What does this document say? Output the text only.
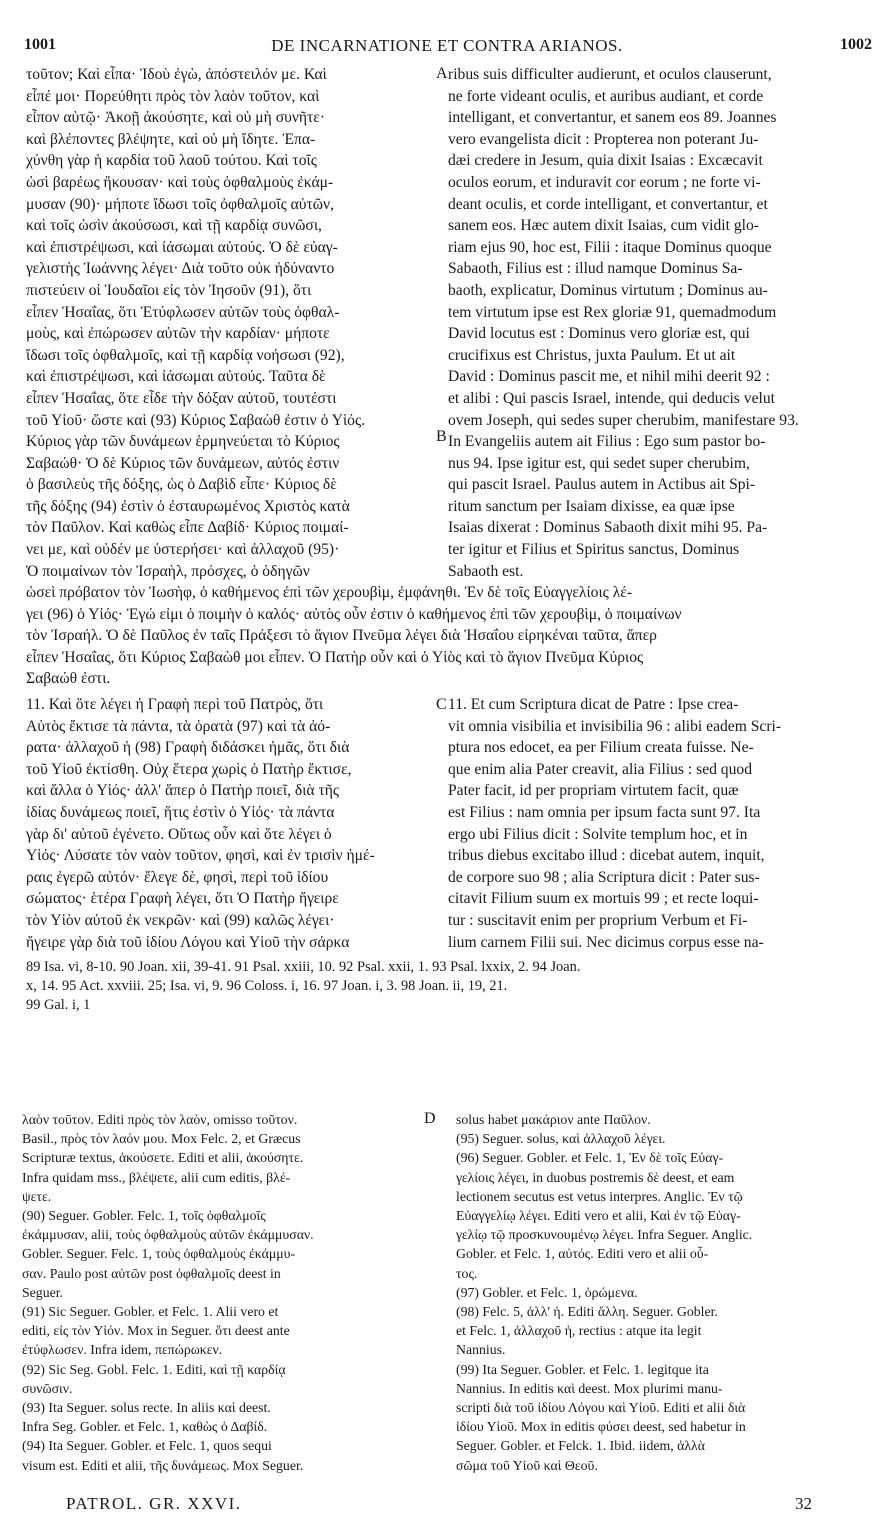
1001	DE INCARNATIONE ET CONTRA ARIANOS.	1002
τοῦτον; Καὶ εἶπα· Ἰδοὺ ἐγὼ, ἀπόστειλόν με. Καὶ
εἶπέ μοι· Πορεύθητι πρὸς τὸν λαὸν τοῦτον, καὶ
εἶπον αὐτῷ· Ἀκοῇ ἀκούσητε, καὶ οὐ μὴ συνῆτε·
καὶ βλέποντες βλέψητε, καὶ οὐ μὴ ἴδητε. Ἐπα-
χύνθη γὰρ ἡ καρδία τοῦ λαοῦ τούτου. Καὶ τοῖς
ὠσὶ βαρέως ἤκουσαν· καὶ τοὺς ὀφθαλμοὺς ἐκάμ-
μυσαν (90)· μήποτε ἴδωσι τοῖς ὀφθαλμοῖς αὐτῶν,
καὶ τοῖς ὠσὶν ἀκούσωσι, καὶ τῇ καρδίᾳ συνῶσι,
καὶ ἐπιστρέψωσι, καὶ ἰάσωμαι αὐτούς. Ὁ δὲ εὐαγ-
γελιστὴς Ἰωάννης λέγει· Διὰ τοῦτο οὐκ ἠδύναντο
πιστεύειν οἱ Ἰουδαῖοι εἰς τὸν Ἰησοῦν (91), ὅτι
εἶπεν Ἡσαΐας, ὅτι Ἐτύφλωσεν αὐτῶν τοὺς ὀφθαλ-
μοὺς, καὶ ἐπώρωσεν αὐτῶν τὴν καρδίαν· μήποτε
ἴδωσι τοῖς ὀφθαλμοῖς, καὶ τῇ καρδίᾳ νοήσωσι (92),
καὶ ἐπιστρέψωσι, καὶ ἰάσωμαι αὐτούς. Ταῦτα δὲ
εἶπεν Ἡσαΐας, ὅτε εἶδε τὴν δόξαν αὐτοῦ, τουτέστι
τοῦ Υἱοῦ· ὥστε καὶ (93) Κύριος Σαβαὼθ ἐστιν ὁ Υἱός.
Κύριος γὰρ τῶν δυνάμεων ἑρμηνεύεται τὸ Κύριος
Σαβαώθ· Ὁ δὲ Κύριος τῶν δυνάμεων, αὐτός ἐστιν
ὁ βασιλεὺς τῆς δόξης, ὡς ὁ Δαβὶδ εἶπε· Κύριος δὲ
τῆς δόξης (94) ἐστὶν ὁ ἐσταυρωμένος Χριστὸς κατὰ
τὸν Παῦλον. Καὶ καθὼς εἶπε Δαβίδ· Κύριος ποιμαί-
νει με, καὶ οὐδέν με ὑστερήσει· καὶ ἀλλαχοῦ (95)·
Ὁ ποιμαίνων τὸν Ἰσραὴλ, πρόσχες, ὁ ὁδηγῶν
ribus suis difficulter audierunt, et oculos clauserunt,
ne forte videant oculis, et auribus audiant, et corde
intelligant, et convertantur, et sanem eos 89. Joannes
vero evangelista dicit : Propterea non poterant Ju-
dæi credere in Jesum, quia dixit Isaias : Excæcavit
oculos eorum, et induravit cor eorum ; ne forte vi-
deant oculis, et corde intelligant, et convertantur, et
sanem eos. Hæc autem dixit Isaias, cum vidit glo-
riam ejus 90, hoc est, Filii : itaque Dominus quoque
Sabaoth, Filius est : illud namque Dominus Sa-
baoth, explicatur, Dominus virtutum ; Dominus au-
tem virtutum ipse est Rex gloriæ 91, quemadmodum
David locutus est : Dominus vero gloriæ est, qui
crucifixus est Christus, juxta Paulum. Et ut ait
David : Dominus pascit me, et nihil mihi deerit 92 :
et alibi : Qui pascis Israel, intende, qui deducis velut
ovem Joseph, qui sedes super cherubim, manifestare 93.
In Evangeliis autem ait Filius : Ego sum pastor bo-
nus 94. Ipse igitur est, qui sedet super cherubim,
qui pascit Israel. Paulus autem in Actibus ait Spi-
ritum sanctum per Isaiam dixisse, ea quæ ipse
Isaias dixerat : Dominus Sabaoth dixit mihi 95. Pa-
ter igitur et Filius et Spiritus sanctus, Dominus
Sabaoth est.
ὡσεὶ πρόβατον τὸν Ἰωσὴφ, ὁ καθήμενος ἐπὶ τῶν χερουβὶμ, ἐμφάνηθι. Ἐν δὲ τοῖς Εὐαγγελίοις λέ-
γει (96) ὁ Υἱός· Ἐγώ εἰμι ὁ ποιμὴν ὁ καλός· αὐτὸς οὖν ἐστιν ὁ καθήμενος ἐπὶ τῶν χερουβὶμ, ὁ ποιμαίνων
τὸν Ἰσραήλ. Ὁ δὲ Παῦλος ἐν ταῖς Πράξεσι τὸ ἅγιον Πνεῦμα λέγει διὰ Ἡσαΐου εἰρηκέναι ταῦτα, ἅπερ
εἶπεν Ἡσαΐας, ὅτι Κύριος Σαβαὼθ μοι εἶπεν. Ὁ Πατὴρ οὖν καὶ ὁ Υἱὸς καὶ τὸ ἅγιον Πνεῦμα Κύριος
Σαβαώθ ἐστι.
11. Καὶ ὅτε λέγει ἡ Γραφὴ περὶ τοῦ Πατρὸς, ὅτι
Αὐτὸς ἔκτισε τὰ πάντα, τὰ ὁρατὰ (97) καὶ τὰ ἀό-
ρατα· ἀλλαχοῦ ἡ (98) Γραφὴ διδάσκει ἡμᾶς, ὅτι διὰ
τοῦ Υἱοῦ ἐκτίσθη. Οὐχ ἕτερα χωρὶς ὁ Πατὴρ ἔκτισε,
καὶ ἄλλα ὁ Υἱός· ἀλλ' ἅπερ ὁ Πατὴρ ποιεῖ, διὰ τῆς
ἰδίας δυνάμεως ποιεῖ, ἥτις ἐστὶν ὁ Υἱός· τὰ πάντα
γὰρ δι' αὐτοῦ ἐγένετο. Οὕτως οὖν καὶ ὅτε λέγει ὁ
Υἱός· Λύσατε τὸν ναὸν τοῦτον, φησὶ, καὶ ἐν τρισὶν ἡμέ-
ραις ἐγερῶ αὐτόν· ἔλεγε δὲ, φησὶ, περὶ τοῦ ἰδίου
σώματος· ἑτέρα Γραφὴ λέγει, ὅτι Ὁ Πατὴρ ἤγειρε
τὸν Υἱὸν αὐτοῦ ἐκ νεκρῶν· καὶ (99) καλῶς λέγει·
ἤγειρε γὰρ διὰ τοῦ ἰδίου Λόγου καὶ Υἱοῦ τὴν σάρκα
11. Et cum Scriptura dicat de Patre : Ipse crea-
vit omnia visibilia et invisibilia 96 : alibi eadem Scri-
ptura nos edocet, ea per Filium creata fuisse. Ne-
que enim alia Pater creavit, alia Filius : sed quod
Pater facit, id per propriam virtutem facit, quæ
est Filius : nam omnia per ipsum facta sunt 97. Ita
ergo ubi Filius dicit : Solvite templum hoc, et in
tribus diebus excitabo illud : dicebat autem, inquit,
de corpore suo 98 ; alia Scriptura dicit : Pater sus-
citavit Filium suum ex mortuis 99 ; et recte loqui-
tur : suscitavit enim per proprium Verbum et Fi-
lium carnem Filii sui. Nec dicimus corpus esse na-
A
B
C
D
89 Isa. vi, 8-10. 90 Joan. xii, 39-41. 91 Psal. xxiii, 10. 92 Psal. xxii, 1. 93 Psal. lxxix, 2. 94 Joan.
x, 14. 95 Act. xxviii. 25; Isa. vi, 9. 96 Coloss. i, 16. 97 Joan. i, 3. 98 Joan. ii, 19, 21.
99 Gal. i, 1
λαὸν τοῦτον. Editi πρὸς τὸν λαὸν, omisso τοῦτον.
Basil., πρὸς τὸν λαόν μου. Mox Felc. 2, et Græcus
Scripturæ textus, ἀκούσετε. Editi et alii, ἀκούσητε.
Infra quidam mss., βλέψετε, alii cum editis, βλέ-
ψετε.
(90) Seguer. Gobler. Felc. 1, τοῖς ὀφθαλμοῖς
ἐκάμμυσαν, alii, τοὺς ὀφθαλμοὺς αὐτῶν ἐκάμμυσαν.
Gobler. Seguer. Felc. 1, τοὺς ὀφθαλμοὺς ἐκάμμυ-
σαν. Paulo post αὐτῶν post ὀφθαλμοῖς deest in
Seguer.
(91) Sic Seguer. Gobler. et Felc. 1. Alii vero et
editi, εἰς τὸν Υἱόν. Mox in Seguer. ὅτι deest ante
ἐτύφλωσεν. Infra idem, πεπώρωκεν.
(92) Sic Seg. Gobl. Felc. 1. Editi, καὶ τῇ καρδίᾳ
συνῶσιν.
(93) Ita Seguer. solus recte. In aliis καὶ deest.
Infra Seg. Gobler. et Felc. 1, καθὼς ὁ Δαβίδ.
(94) Ita Seguer. Gobler. et Felc. 1, quos sequi
visum est. Editi et alii, τῆς δυνάμεως. Mox Seguer.
solus habet μακάριον ante Παῦλον.
(95) Seguer. solus, καὶ ἀλλαχοῦ λέγει.
(96) Seguer. Gobler. et Felc. 1, Ἐν δὲ τοῖς Εὐαγ-
γελίοις λέγει, in duobus postremis δὲ deest, et eam
lectionem secutus est vetus interpres. Anglic. Ἐν τῷ
Εὐαγγελίῳ λέγει. Editi vero et alii, Καὶ ἐν τῷ Εὐαγ-
γελίῳ τῷ προσκυνουμένῳ λέγει. Infra Seguer. Anglic.
Gobler. et Felc. 1, αὐτός. Editi vero et alii οὗ-
τος.
(97) Gobler. et Felc. 1, ὁρώμενα.
(98) Felc. 5, ἀλλ' ἡ. Editi ἄλλη. Seguer. Gobler.
et Felc. 1, ἀλλαχοῦ ἡ, rectius : atque ita legit
Nannius.
(99) Ita Seguer. Gobler. et Felc. 1. legitque ita
Nannius. In editis καὶ deest. Mox plurimi manu-
scripti διὰ τοῦ ἰδίου Λόγου καὶ Υἱοῦ. Editi et alii διὰ
ἰδίου Υἱοῦ. Mox in editis φύσει deest, sed habetur in
Seguer. Gobler. et Felck. 1. Ibid. iidem, ἀλλὰ
σῶμα τοῦ Υἱοῦ καὶ Θεοῦ.
PATROL. GR. XXVI.	32
